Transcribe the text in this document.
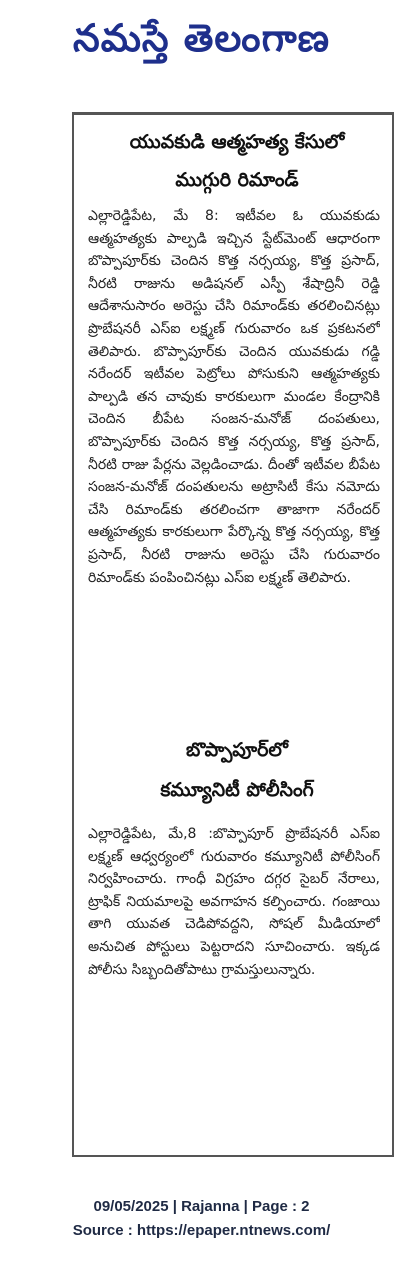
నమస్తే తెలంగాణ
యువకుడి ఆత్మహత్య కేసులో
ముగ్గురి రిమాండ్
ఎల్లారెడ్డిపేట, మే 8: ఇటీవల ఓ యువకుడు ఆత్మహత్యకు పాల్పడి ఇచ్చిన స్టేట్‌మెంట్ ఆధారంగా బొప్పాపూర్‌కు చెందిన కొత్త నర్సయ్య, కొత్త ప్రసాద్, నీరటి రాజును అడిషనల్ ఎస్పీ శేషాద్రినీ రెడ్డి ఆదేశానుసారం అరెస్టు చేసి రిమాండ్‌కు తరలించినట్లు ప్రొబేషనరీ ఎస్‌ఐ లక్ష్మణ్ గురువారం ఒక ప్రకటనలో తెలిపారు. బొప్పాపూర్‌కు చెందిన యువకుడు గడ్డి నరేందర్ ఇటీవల పెట్రోలు పోసుకుని ఆత్మహత్యకు పాల్పడి తన చావుకు కారకులుగా మండల కేంద్రానికి చెందిన బీపేట సంజన-మనోజ్ దంపతులు, బొప్పాపూర్‌కు చెందిన కొత్త నర్సయ్య, కొత్త ప్రసాద్, నీరటి రాజు పేర్లను వెల్లడించాడు. దీంతో ఇటీవల బీపేట సంజన-మనోజ్ దంపతులను అట్రాసిటీ కేసు నమోదు చేసి రిమాండ్‌కు తరలించగా తాజాగా నరేందర్ ఆత్మహత్యకు కారకులుగా పేర్కొన్న కొత్త నర్సయ్య, కొత్త ప్రసాద్, నీరటి రాజును అరెస్టు చేసి గురువారం రిమాండ్‌కు పంపించినట్లు ఎస్‌ఐ లక్ష్మణ్ తెలిపారు.
బొప్పాపూర్‌లో
కమ్యూనిటీ పోలీసింగ్
ఎల్లారెడ్డిపేట, మే,8 :బొప్పాపూర్ ప్రొబేషనరీ ఎస్‌ఐ లక్ష్మణ్ ఆధ్వర్యంలో గురువారం కమ్యూనిటీ పోలీసింగ్ నిర్వహించారు. గాంధీ విగ్రహం దగ్గర సైబర్ నేరాలు, ట్రాఫిక్ నియమాలపై అవగాహన కల్పించారు. గంజాయి తాగి యువత చెడిపోవద్దని, సోషల్ మీడియాలో అనుచిత పోస్టులు పెట్టరాదని సూచించారు. ఇక్కడ పోలీసు సిబ్బందితోపాటు గ్రామస్తులున్నారు.
09/05/2025 | Rajanna | Page : 2
Source : https://epaper.ntnews.com/
